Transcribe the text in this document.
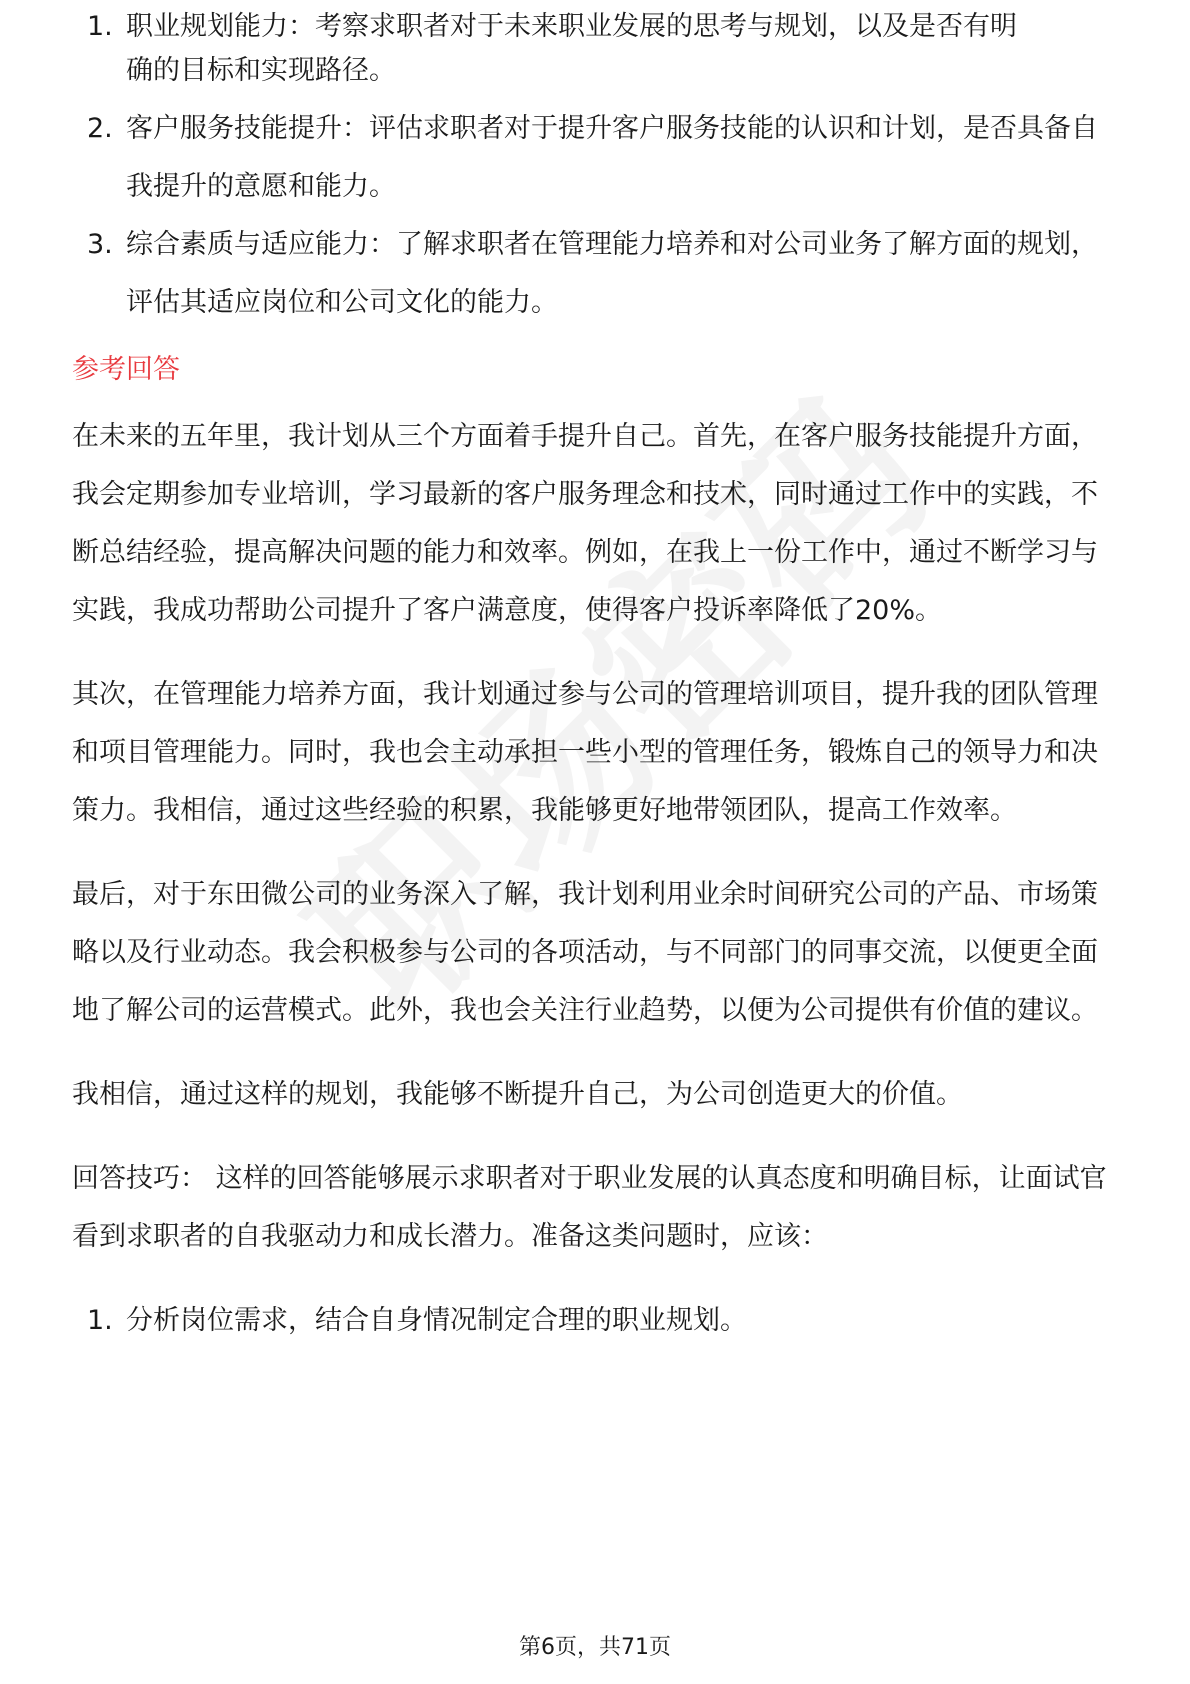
1. 职业规划能力：考察求职者对于未来职业发展的思考与规划，以及是否有明
确的目标和实现路径。
2. 客户服务技能提升：评估求职者对于提升客户服务技能的认识和计划，是否具备自我提升的意愿和能力。
3. 综合素质与适应能力：了解求职者在管理能力培养和对公司业务了解方面的规划，评估其适应岗位和公司文化的能力。
参考回答

在未来的五年里，我计划从三个方面着手提升自己。首先，在客户服务技能提升方面，我会定期参加专业培训，学习最新的客户服务理念和技术，同时通过工作中的实践，不断总结经验，提高解决问题的能力和效率。例如，在我上一份工作中，通过不断学习与实践，我成功帮助公司提升了客户满意度，使得客户投诉率降低了20%。

其次，在管理能力培养方面，我计划通过参与公司的管理培训项目，提升我的团队管理和项目管理能力。同时，我也会主动承担一些小型的管理任务，锻炼自己的领导力和决策力。我相信，通过这些经验的积累，我能够更好地带领团队，提高工作效率。

最后，对于东田微公司的业务深入了解，我计划利用业余时间研究公司的产品、市场策略以及行业动态。我会积极参与公司的各项活动，与不同部门的同事交流，以便更全面地了解公司的运营模式。此外，我也会关注行业趋势，以便为公司提供有价值的建议。

我相信，通过这样的规划，我能够不断提升自己，为公司创造更大的价值。

回答技巧： 这样的回答能够展示求职者对于职业发展的认真态度和明确目标，让面试官看到求职者的自我驱动力和成长潜力。准备这类问题时，应该：

1. 分析岗位需求，结合自身情况制定合理的职业规划。
第6页，共71页
